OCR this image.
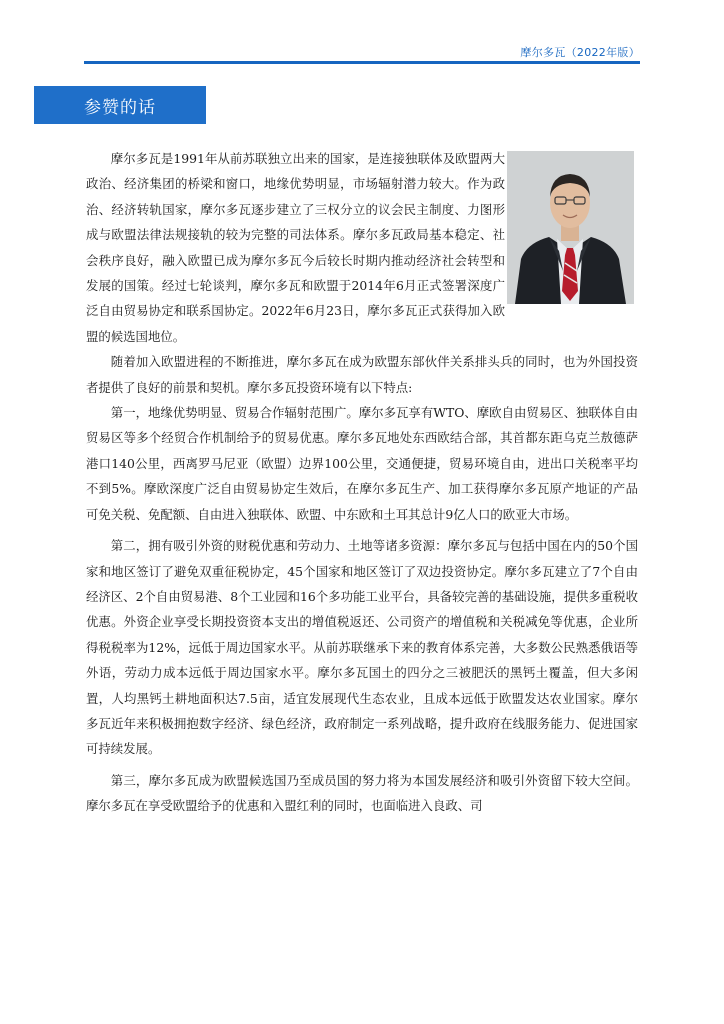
摩尔多瓦（2022年版）
参赞的话

摩尔多瓦是1991年从前苏联独立出来的国家，是连接独联体及欧盟两大政治、经济集团的桥梁和窗口，地缘优势明显，市场辐射潜力较大。作为政治、经济转轨国家，摩尔多瓦逐步建立了三权分立的议会民主制度、力图形成与欧盟法律法规接轨的较为完整的司法体系。摩尔多瓦政局基本稳定、社会秩序良好，融入欧盟已成为摩尔多瓦今后较长时期内推动经济社会转型和发展的国策。经过七轮谈判，摩尔多瓦和欧盟于2014年6月正式签署深度广泛自由贸易协定和联系国协定。2022年6月23日，摩尔多瓦正式获得加入欧盟的候选国地位。

随着加入欧盟进程的不断推进，摩尔多瓦在成为欧盟东部伙伴关系排头兵的同时，也为外国投资者提供了良好的前景和契机。摩尔多瓦投资环境有以下特点:

第一，地缘优势明显、贸易合作辐射范围广。摩尔多瓦享有WTO、摩欧自由贸易区、独联体自由贸易区等多个经贸合作机制给予的贸易优惠。摩尔多瓦地处东西欧结合部，其首都东距乌克兰敖德萨港口140公里，西离罗马尼亚（欧盟）边界100公里，交通便捷，贸易环境自由，进出口关税率平均不到5%。摩欧深度广泛自由贸易协定生效后，在摩尔多瓦生产、加工获得摩尔多瓦原产地证的产品可免关税、免配额、自由进入独联体、欧盟、中东欧和土耳其总计9亿人口的欧亚大市场。

第二，拥有吸引外资的财税优惠和劳动力、土地等诸多资源：摩尔多瓦与包括中国在内的50个国家和地区签订了避免双重征税协定，45个国家和地区签订了双边投资协定。摩尔多瓦建立了7个自由经济区、2个自由贸易港、8个工业园和16个多功能工业平台，具备较完善的基础设施，提供多重税收优惠。外资企业享受长期投资资本支出的增值税返还、公司资产的增值税和关税减免等优惠，企业所得税税率为12%，远低于周边国家水平。从前苏联继承下来的教育体系完善，大多数公民熟悉俄语等外语，劳动力成本远低于周边国家水平。摩尔多瓦国土的四分之三被肥沃的黑钙土覆盖，但大多闲置，人均黑钙土耕地面积达7.5亩，适宜发展现代生态农业，且成本远低于欧盟发达农业国家。摩尔多瓦近年来积极拥抱数字经济、绿色经济，政府制定一系列战略，提升政府在线服务能力、促进国家可持续发展。

第三，摩尔多瓦成为欧盟候选国乃至成员国的努力将为本国发展经济和吸引外资留下较大空间。摩尔多瓦在享受欧盟给予的优惠和入盟红利的同时，也面临进入良政、司
